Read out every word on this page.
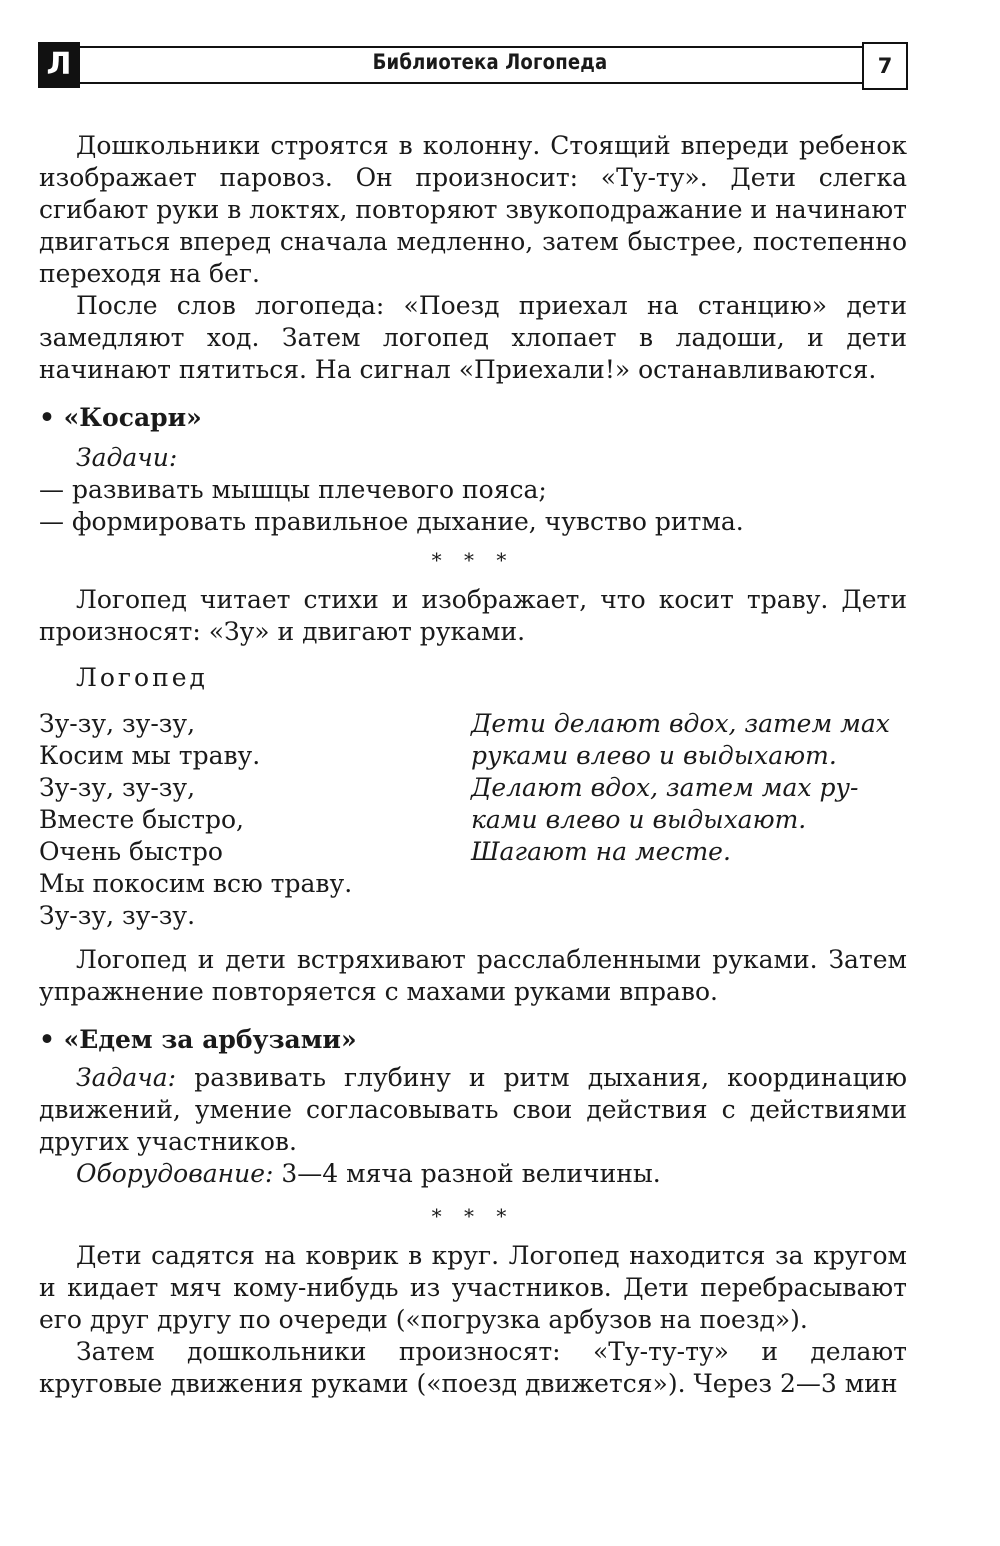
Л	Библиотека Логопеда	7

Дошкольники строятся в колонну. Стоящий впереди ребенок изображает паровоз. Он произносит: «Ту-ту». Дети слегка сгибают руки в локтях, повторяют звукоподражание и начинают двигаться вперед сначала медленно, затем быстрее, постепенно переходя на бег.

После слов логопеда: «Поезд приехал на станцию» дети замедляют ход. Затем логопед хлопает в ладоши, и дети начинают пятиться. На сигнал «Приехали!» останавливаются.

• «Косари»

Задачи:

— развивать мышцы плечевого пояса;

— формировать правильное дыхание, чувство ритма.

* * *

Логопед читает стихи и изображает, что косит траву. Дети произносят: «Зу» и двигают руками.

Логопед

Зу-зу, зу-зу,

Косим мы траву.

Зу-зу, зу-зу,

Вместе быстро,

Очень быстро

Мы покосим всю траву.

Зу-зу, зу-зу.

Дети делают вдох, затем мах

руками влево и выдыхают.

Делают вдох, затем мах ру-

ками влево и выдыхают.

Шагают на месте.

Логопед и дети встряхивают расслабленными руками. Затем упражнение повторяется с махами руками вправо.

• «Едем за арбузами»

Задача: развивать глубину и ритм дыхания, координацию движений, умение согласовывать свои действия с действиями других участников.

Оборудование: 3—4 мяча разной величины.

* * *

Дети садятся на коврик в круг. Логопед находится за кругом и кидает мяч кому-нибудь из участников. Дети перебрасывают его друг другу по очереди («погрузка арбузов на поезд»).

Затем дошкольники произносят: «Ту-ту-ту» и делают круговые движения руками («поезд движется»). Через 2—3 мин
